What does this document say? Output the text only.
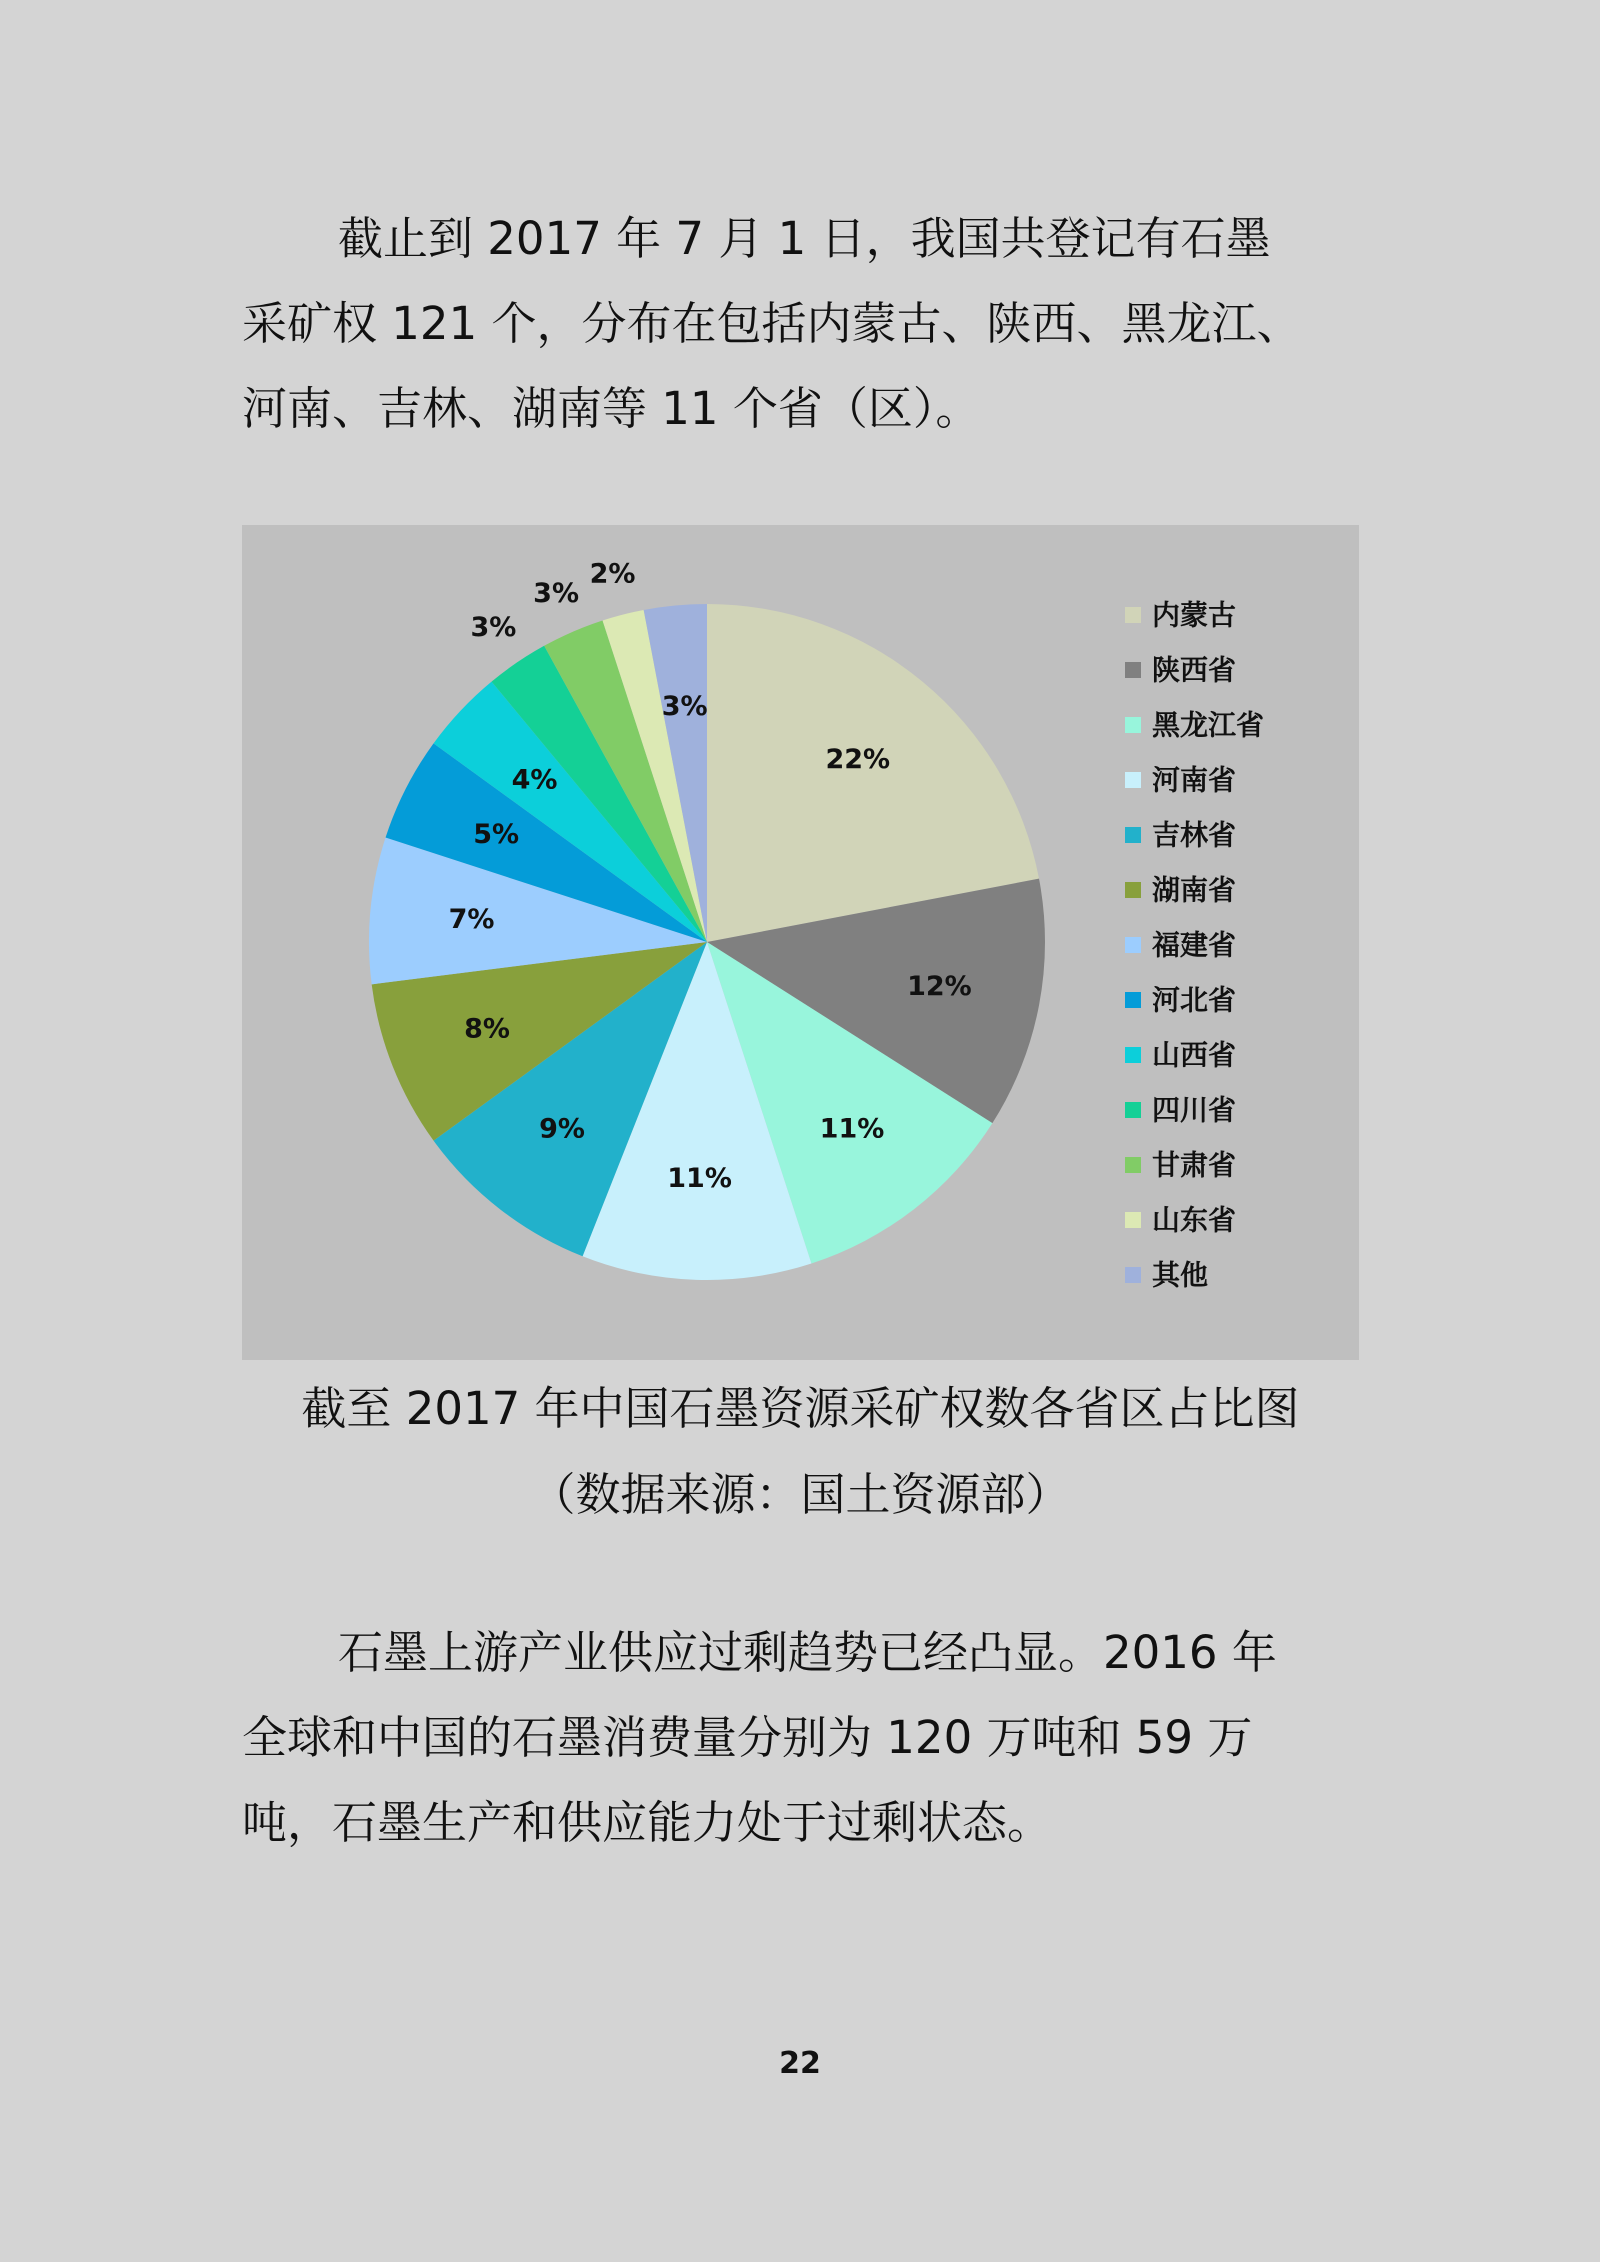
截止到 2017 年 7 月 1 日，我国共登记有石墨
采矿权 121 个，分布在包括内蒙古、陕西、黑龙江、
河南、吉林、湖南等 11 个省（区）。

22%
12%
11%
11%
9%
8%
7%
5%
4%
3%
3%
2%
3%
内蒙古
陕西省
黑龙江省
河南省
吉林省
湖南省
福建省
河北省
山西省
四川省
甘肃省
山东省
其他

截至 2017 年中国石墨资源采矿权数各省区占比图

（数据来源：国土资源部）

石墨上游产业供应过剩趋势已经凸显。2016 年
全球和中国的石墨消费量分别为 120 万吨和 59 万
吨，石墨生产和供应能力处于过剩状态。

22
